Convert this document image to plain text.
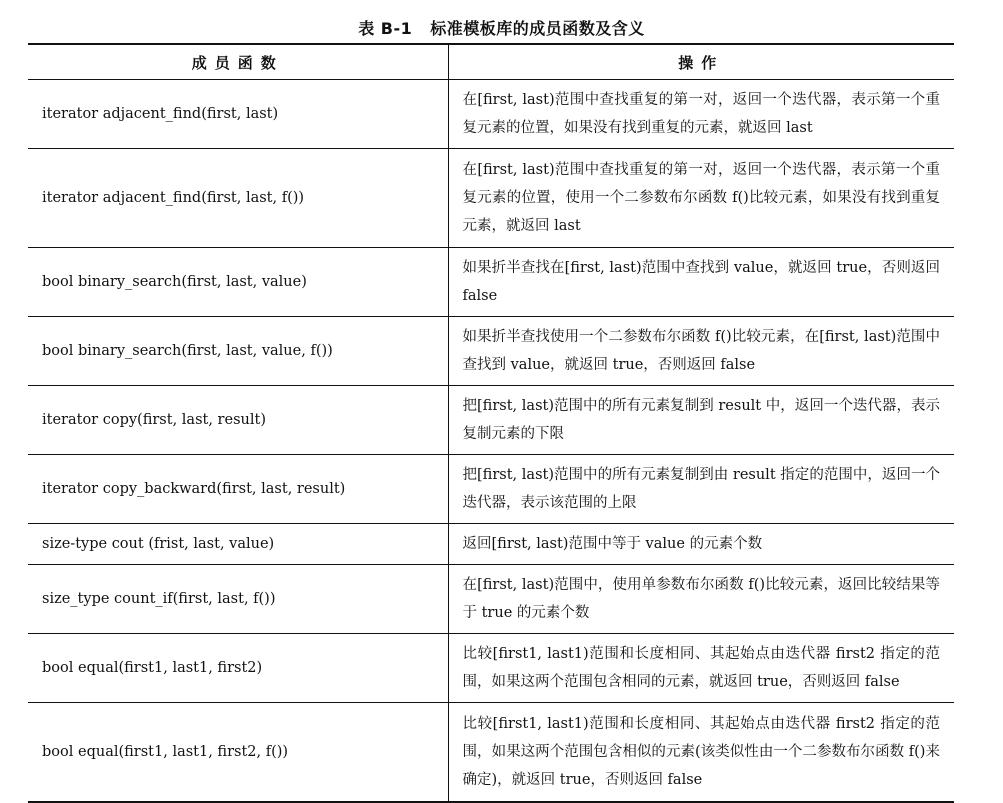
表 B-1 标准模板库的成员函数及含义
成员函数	操作
iterator adjacent_find(first, last)	在[first, last)范围中查找重复的第一对，返回一个迭代器，表示第一个重复元素的位置，如果没有找到重复的元素，就返回 last
iterator adjacent_find(first, last, f())	在[first, last)范围中查找重复的第一对，返回一个迭代器，表示第一个重复元素的位置，使用一个二参数布尔函数 f()比较元素，如果没有找到重复元素，就返回 last
bool binary_search(first, last, value)	如果折半查找在[first, last)范围中查找到 value，就返回 true，否则返回 false
bool binary_search(first, last, value, f())	如果折半查找使用一个二参数布尔函数 f()比较元素，在[first, last)范围中查找到 value，就返回 true，否则返回 false
iterator copy(first, last, result)	把[first, last)范围中的所有元素复制到 result 中，返回一个迭代器，表示复制元素的下限
iterator copy_backward(first, last, result)	把[first, last)范围中的所有元素复制到由 result 指定的范围中，返回一个迭代器，表示该范围的上限
size-type cout (frist, last, value)	返回[first, last)范围中等于 value 的元素个数
size_type count_if(first, last, f())	在[first, last)范围中，使用单参数布尔函数 f()比较元素，返回比较结果等于 true 的元素个数
bool equal(first1, last1, first2)	比较[first1, last1)范围和长度相同、其起始点由迭代器 first2 指定的范围，如果这两个范围包含相同的元素，就返回 true，否则返回 false
bool equal(first1, last1, first2, f())	比较[first1, last1)范围和长度相同、其起始点由迭代器 first2 指定的范围，如果这两个范围包含相似的元素(该类似性由一个二参数布尔函数 f()来确定)，就返回 true，否则返回 false
